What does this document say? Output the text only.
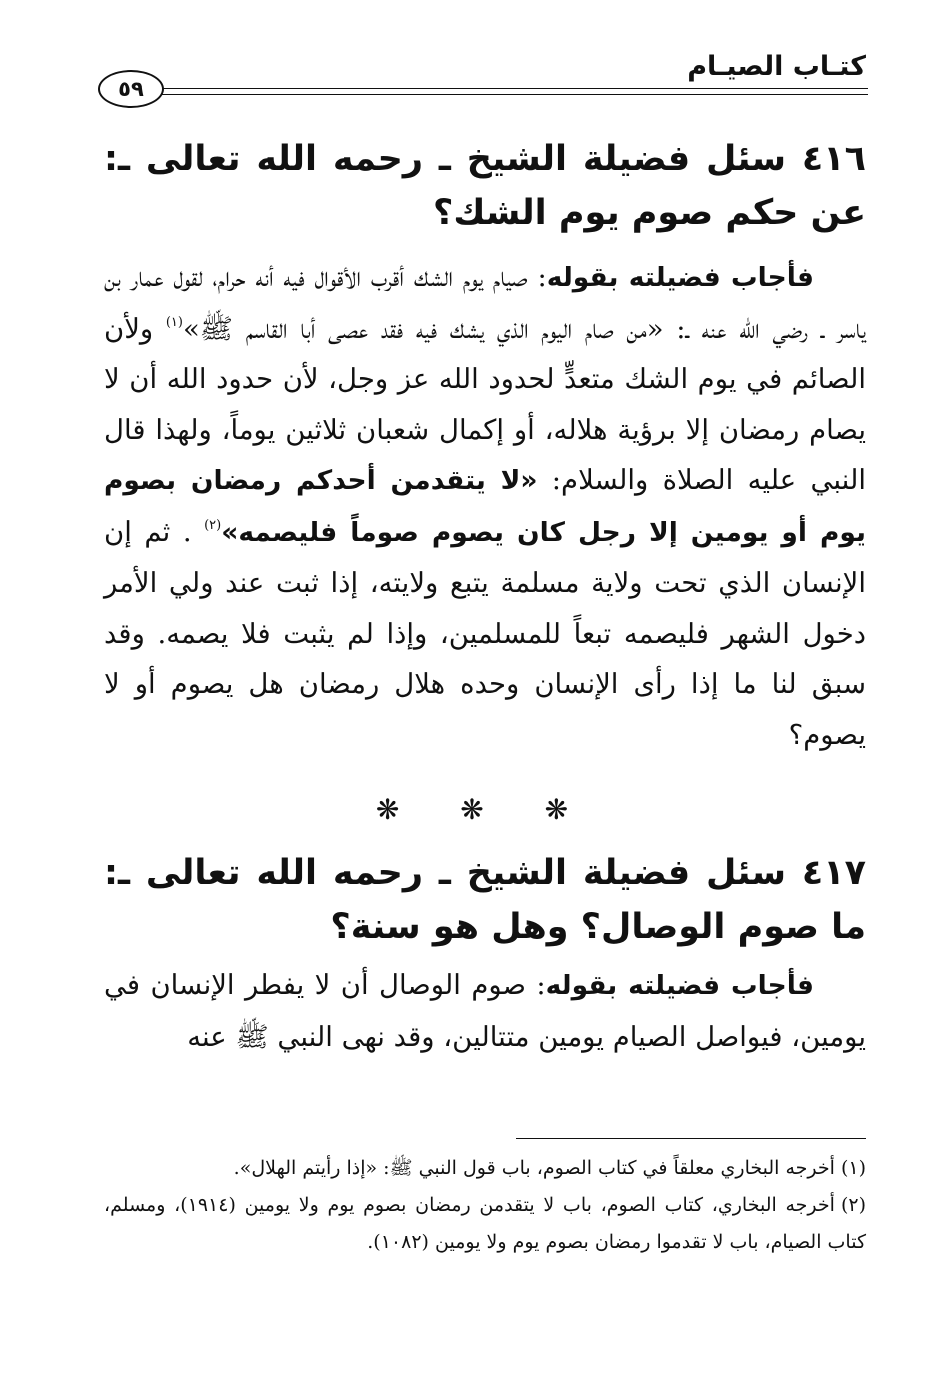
كتـاب الصيـام
٥٩

٤١٦ سئل فضيلة الشيخ ـ رحمه الله تعالى ـ: عن حكم صوم يوم الشك؟

فأجاب فضيلته بقوله: صيام يوم الشك أقرب الأقوال فيه أنه حرام، لقول عمار بن ياسر ـ رضي الله عنه ـ: «من صام اليوم الذي يشك فيه فقد عصى أبا القاسم ﷺ»$^{(١)}$ ولأن الصائم في يوم الشك متعدٍّ لحدود الله عز وجل، لأن حدود الله أن لا يصام رمضان إلا برؤية هلاله، أو إكمال شعبان ثلاثين يوماً، ولهذا قال النبي عليه الصلاة والسلام: «لا يتقدمن أحدكم رمضان بصوم يوم أو يومين إلا رجل كان يصوم صوماً فليصمه»$^{(٢)}$ . ثم إن الإنسان الذي تحت ولاية مسلمة يتبع ولايته، إذا ثبت عند ولي الأمر دخول الشهر فليصمه تبعاً للمسلمين، وإذا لم يثبت فلا يصمه. وقد سبق لنا ما إذا رأى الإنسان وحده هلال رمضان هل يصوم أو لا يصوم؟

❋ ❋ ❋

٤١٧ سئل فضيلة الشيخ ـ رحمه الله تعالى ـ: ما صوم الوصال؟ وهل هو سنة؟

فأجاب فضيلته بقوله: صوم الوصال أن لا يفطر الإنسان في يومين، فيواصل الصيام يومين متتالين، وقد نهى النبي ﷺ عنه

(١)أخرجه البخاري معلقاً في كتاب الصوم، باب قول النبي ﷺ: «إذا رأيتم الهلال».

(٢)أخرجه البخاري، كتاب الصوم، باب لا يتقدمن رمضان بصوم يوم ولا يومين (١٩١٤)، ومسلم، كتاب الصيام، باب لا تقدموا رمضان بصوم يوم ولا يومين (١٠٨٢).
